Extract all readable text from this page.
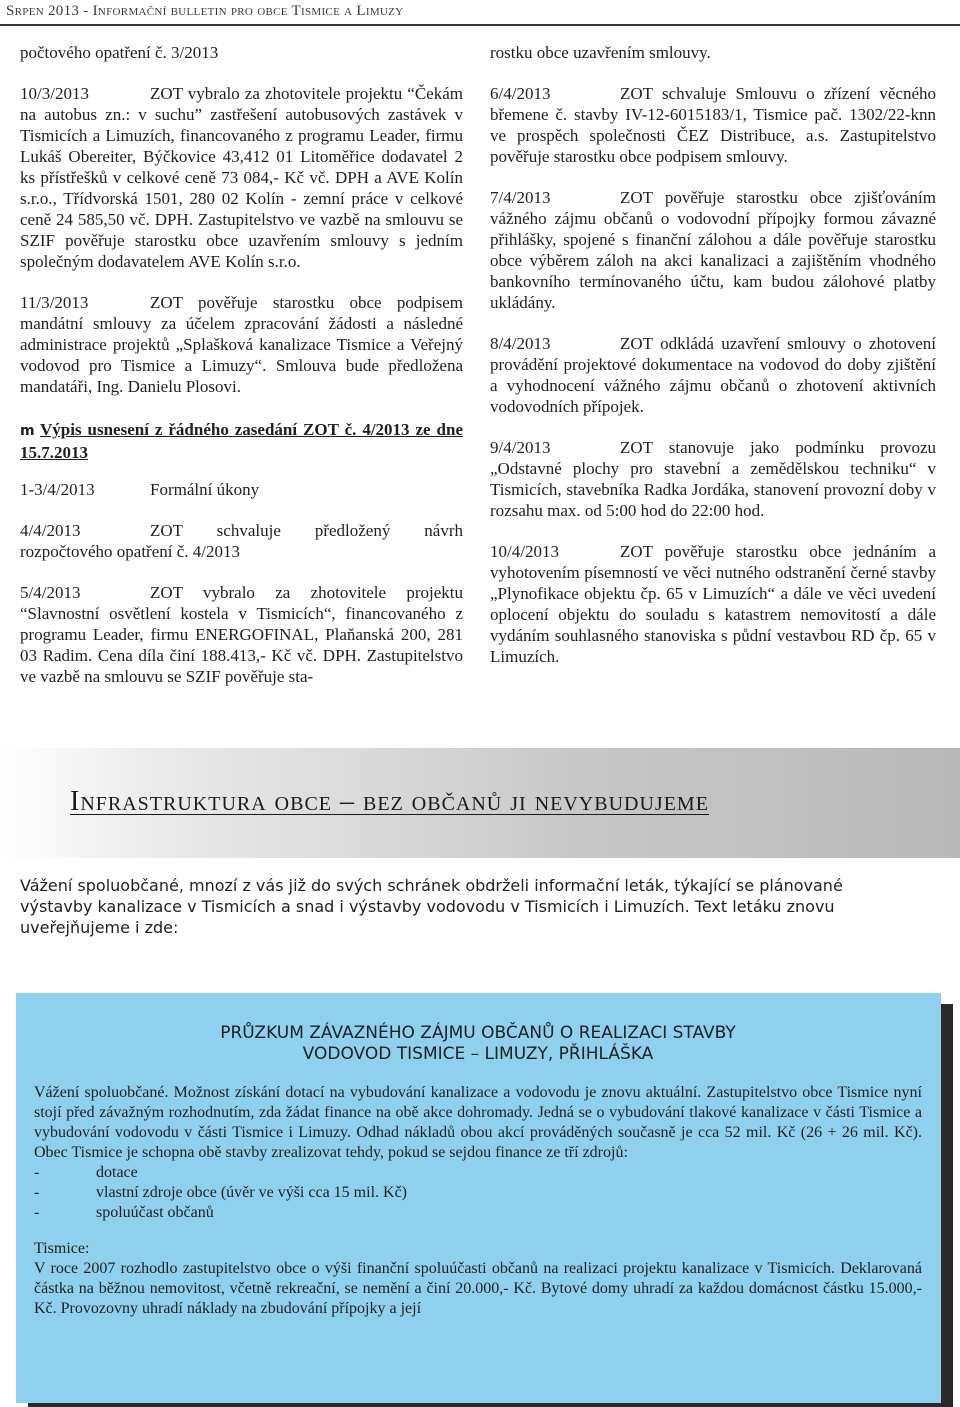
Srpen 2013 - Informační bulletin pro obce Tismice a Limuzy

počtového opatření č. 3/2013

10/3/2013	ZOT vybralo za zhotovitele projektu “Čekám na autobus zn.: v suchu” zastřešení autobusových zastávek v Tismicích a Limuzích, financovaného z programu Leader, firmu Lukáš Obereiter, Býčkovice 43,412 01 Litoměřice dodavatel 2 ks přístřešků v celkové ceně 73 084,- Kč vč. DPH a AVE Kolín s.r.o., Třídvorská 1501, 280 02 Kolín - zemní práce v celkové ceně 24 585,50 vč. DPH. Zastupitelstvo ve vazbě na smlouvu se SZIF pověřuje starostku obce uzavřením smlouvy s jedním společným dodavatelem AVE Kolín s.r.o.

11/3/2013	ZOT pověřuje starostku obce podpisem mandátní smlouvy za účelem zpracování žádosti a následné administrace projektů „Splašková kanalizace Tismice a Veřejný vodovod pro Tismice a Limuzy“. Smlouva bude předložena mandatáři, Ing. Danielu Plosovi.

m Výpis usnesení z řádného zasedání ZOT č. 4/2013 ze dne 15.7.2013

1-3/4/2013	Formální úkony

4/4/2013	ZOT schvaluje předložený návrh rozpočtového opatření č. 4/2013

5/4/2013	ZOT vybralo za zhotovitele projektu “Slavnostní osvětlení kostela v Tismicích“, financovaného z programu Leader, firmu ENERGOFINAL, Plaňanská 200, 281 03 Radim. Cena díla činí 188.413,- Kč vč. DPH. Zastupitelstvo ve vazbě na smlouvu se SZIF pověřuje sta-

rostku obce uzavřením smlouvy.

6/4/2013	ZOT schvaluje Smlouvu o zřízení věcného břemene č. stavby IV-12-6015183/1, Tismice pač. 1302/22-knn ve prospěch společnosti ČEZ Distribuce, a.s. Zastupitelstvo pověřuje starostku obce podpisem smlouvy.

7/4/2013	ZOT pověřuje starostku obce zjišťováním vážného zájmu občanů o vodovodní přípojky formou závazné přihlášky, spojené s finanční zálohou a dále pověřuje starostku obce výběrem záloh na akci kanalizaci a zajištěním vhodného bankovního termínovaného účtu, kam budou zálohové platby ukládány.

8/4/2013	ZOT odkládá uzavření smlouvy o zhotovení provádění projektové dokumentace na vodovod do doby zjištění a vyhodnocení vážného zájmu občanů o zhotovení aktivních vodovodních přípojek.

9/4/2013	ZOT stanovuje jako podmínku provozu „Odstavné plochy pro stavební a zemědělskou techniku“ v Tismicích, stavebníka Radka Jordáka, stanovení provozní doby v rozsahu max. od 5:00 hod do 22:00 hod.

10/4/2013	ZOT pověřuje starostku obce jednáním a vyhotovením písemností ve věci nutného odstranění černé stavby „Plynofikace objektu čp. 65 v Limuzích“ a dále ve věci uvedení oplocení objektu do souladu s katastrem nemovitostí a dále vydáním souhlasného stanoviska s půdní vestavbou RD čp. 65 v Limuzích.

Infrastruktura obce – bez občanů ji nevybudujeme
Vážení spoluobčané, mnozí z vás již do svých schránek obdrželi informační leták, týkající se plánované výstavby kanalizace v Tismicích a snad i výstavby vodovodu v Tismicích i Limuzích. Text letáku znovu uveřejňujeme i zde:
PRŮZKUM ZÁVAZNÉHO ZÁJMU OBČANŮ O REALIZACI STAVBY
VODOVOD TISMICE – LIMUZY, PŘIHLÁŠKA

Vážení spoluobčané. Možnost získání dotací na vybudování kanalizace a vodovodu je znovu aktuální. Zastupitelstvo obce Tismice nyní stojí před závažným rozhodnutím, zda žádat finance na obě akce dohromady. Jedná se o vybudování tlakové kanalizace v části Tismice a vybudování vodovodu v části Tismice i Limuzy. Odhad nákladů obou akcí prováděných současně je cca 52 mil. Kč (26 + 26 mil. Kč). Obec Tismice je schopna obě stavby zrealizovat tehdy, pokud se sejdou finance ze tří zdrojů:

-	dotace
-	vlastní zdroje obce (úvěr ve výši cca 15 mil. Kč)
-	spoluúčast občanů
Tismice:

V roce 2007 rozhodlo zastupitelstvo obce o výši finanční spoluúčasti občanů na realizaci projektu kanalizace v Tismicích. Deklarovaná částka na běžnou nemovitost, včetně rekreační, se nemění a činí 20.000,- Kč. Bytové domy uhradí za každou domácnost částku 15.000,- Kč. Provozovny uhradí náklady na zbudování přípojky a její
